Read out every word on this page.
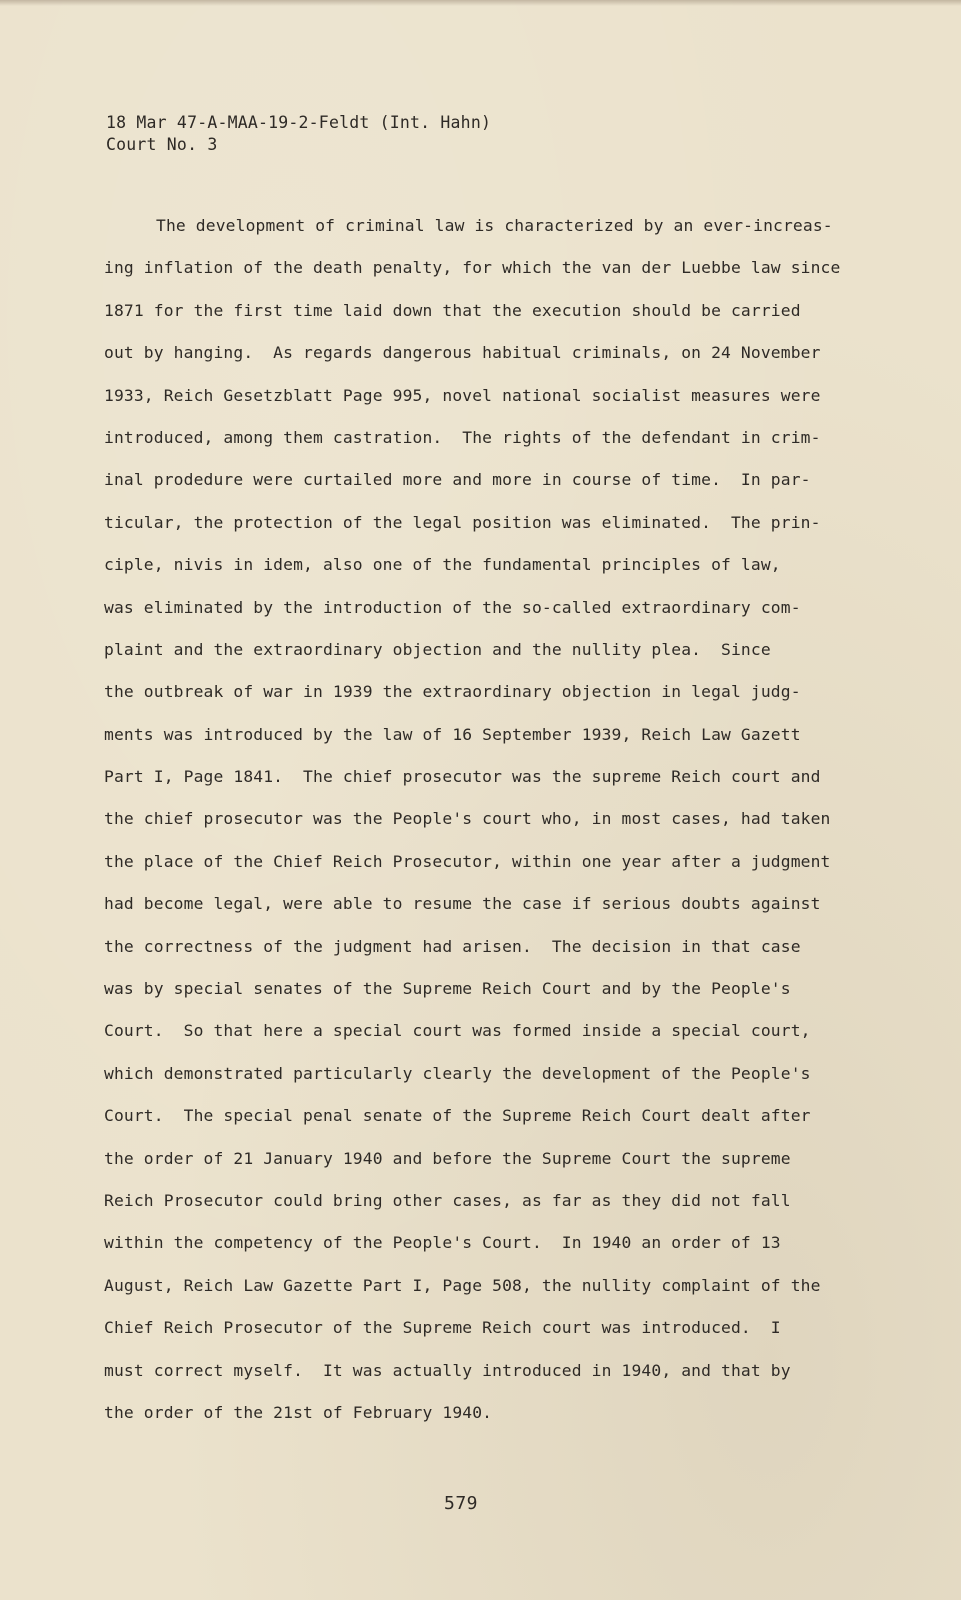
18 Mar 47-A-MAA-19-2-Feldt (Int. Hahn)
Court No. 3
The development of criminal law is characterized by an ever-increas-
ing inflation of the death penalty, for which the van der Luebbe law since
1871 for the first time laid down that the execution should be carried
out by hanging.  As regards dangerous habitual criminals, on 24 November
1933, Reich Gesetzblatt Page 995, novel national socialist measures were
introduced, among them castration.  The rights of the defendant in crim-
inal prodedure were curtailed more and more in course of time.  In par-
ticular, the protection of the legal position was eliminated.  The prin-
ciple, nivis in idem, also one of the fundamental principles of law,
was eliminated by the introduction of the so-called extraordinary com-
plaint and the extraordinary objection and the nullity plea.  Since
the outbreak of war in 1939 the extraordinary objection in legal judg-
ments was introduced by the law of 16 September 1939, Reich Law Gazett
Part I, Page 1841.  The chief prosecutor was the supreme Reich court and
the chief prosecutor was the People's court who, in most cases, had taken
the place of the Chief Reich Prosecutor, within one year after a judgment
had become legal, were able to resume the case if serious doubts against
the correctness of the judgment had arisen.  The decision in that case
was by special senates of the Supreme Reich Court and by the People's
Court.  So that here a special court was formed inside a special court,
which demonstrated particularly clearly the development of the People's
Court.  The special penal senate of the Supreme Reich Court dealt after
the order of 21 January 1940 and before the Supreme Court the supreme
Reich Prosecutor could bring other cases, as far as they did not fall
within the competency of the People's Court.  In 1940 an order of 13
August, Reich Law Gazette Part I, Page 508, the nullity complaint of the
Chief Reich Prosecutor of the Supreme Reich court was introduced.  I
must correct myself.  It was actually introduced in 1940, and that by
the order of the 21st of February 1940.
579
